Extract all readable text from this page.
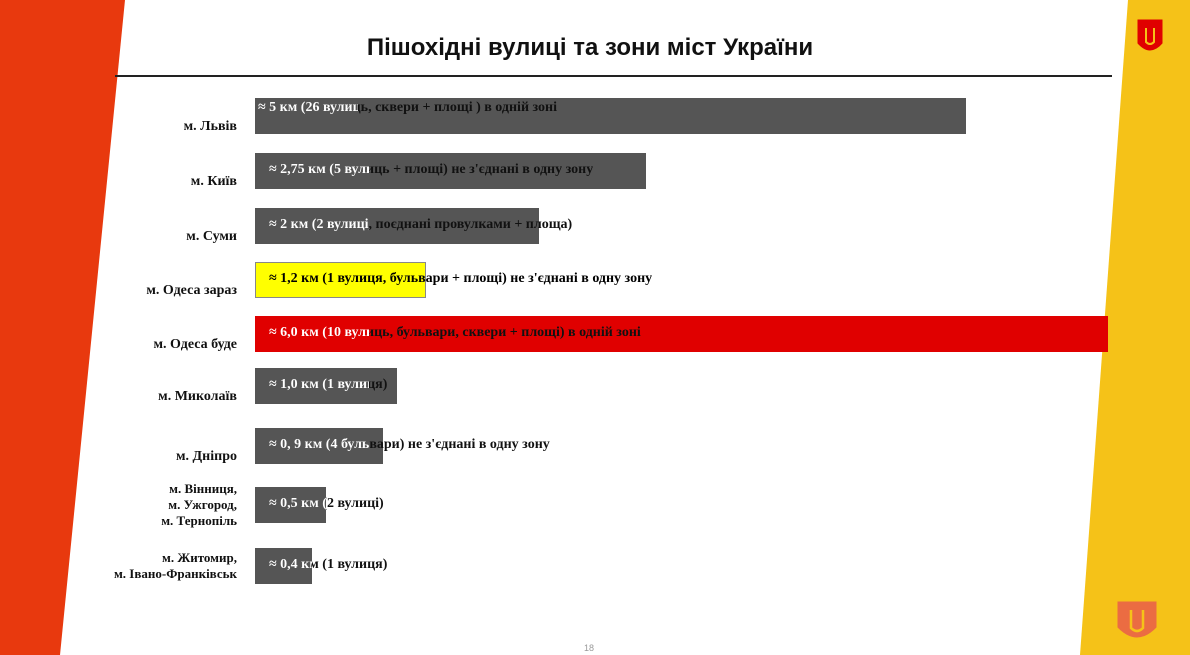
Пішохідні вулиці та зони міст України
м. Львів
≈ 5 км (26 вулиць, сквери + площі ) в одній зоні
м. Київ
≈ 2,75 км (5 вулиць + площі) не з'єднані в одну зону
м. Суми
≈ 2 км (2 вулиці, поєднані провулками + площа)
м. Одеса зараз
≈ 1,2 км (1 вулиця, бульвари + площі) не з'єднані в одну зону
м. Одеса буде
≈ 6,0 км (10 вулиць, бульвари, сквери + площі) в одній зоні
м. Миколаїв
≈ 1,0 км (1 вулиця)
м. Дніпро
≈ 0, 9 км (4 бульвари) не з'єднані в одну зону
м. Вінниця,
м. Ужгород,
м. Тернопіль
≈ 0,5 км (2 вулиці)
м. Житомир,
м. Івано-Франківськ
≈ 0,4 км (1 вулиця)
18
